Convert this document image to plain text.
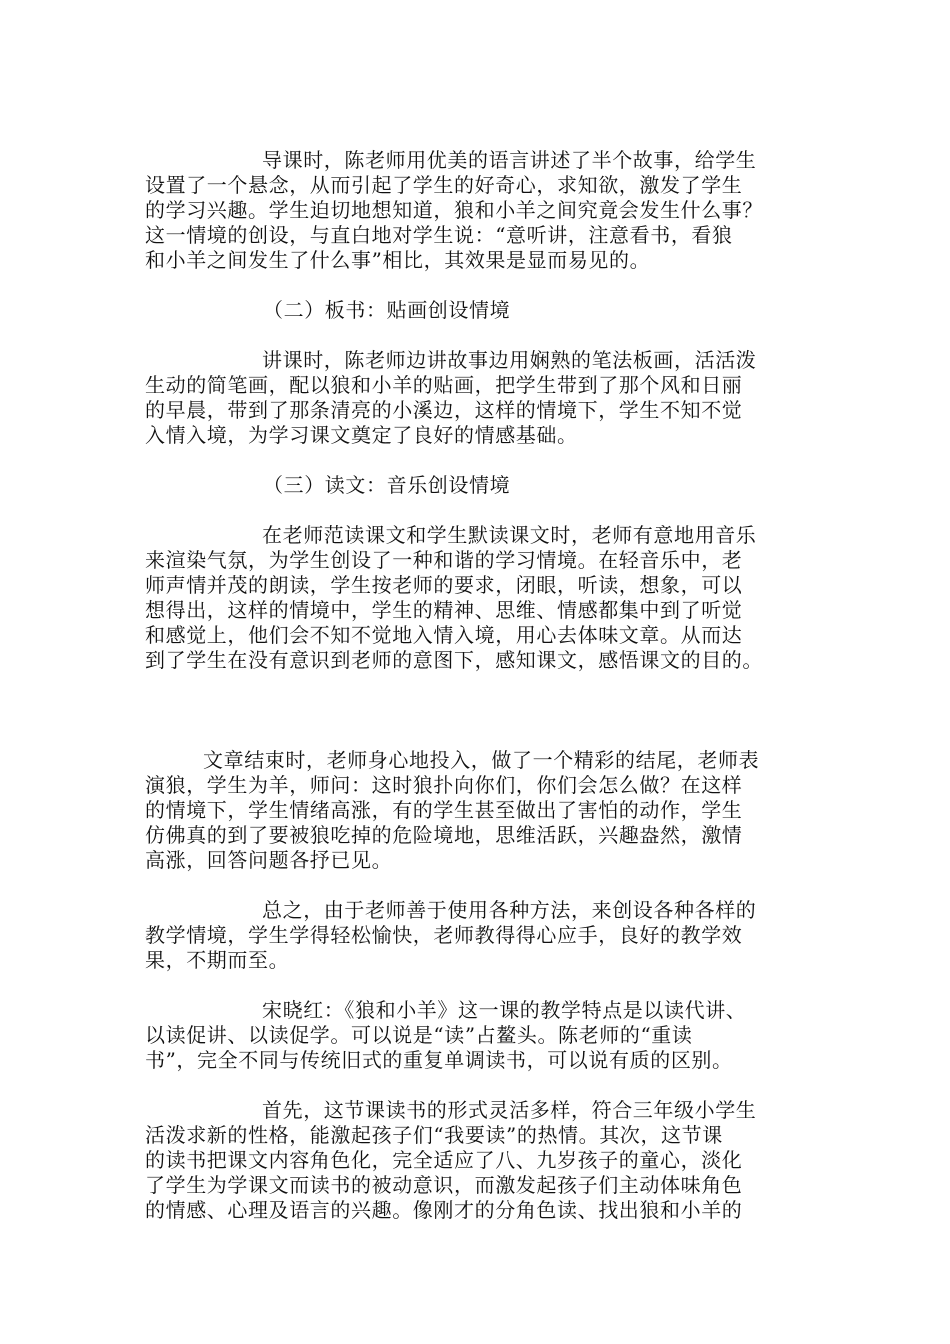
导课时，陈老师用优美的语言讲述了半个故事，给学生
设置了一个悬念，从而引起了学生的好奇心，求知欲，激发了学生
的学习兴趣。学生迫切地想知道，狼和小羊之间究竟会发生什么事？
这一情境的创设，与直白地对学生说：“意听讲，注意看书，看狼
和小羊之间发生了什么事”相比，其效果是显而易见的。
（二）板书：贴画创设情境
讲课时，陈老师边讲故事边用娴熟的笔法板画，活活泼
生动的简笔画，配以狼和小羊的贴画，把学生带到了那个风和日丽
的早晨，带到了那条清亮的小溪边，这样的情境下，学生不知不觉
入情入境，为学习课文奠定了良好的情感基础。
（三）读文：音乐创设情境
在老师范读课文和学生默读课文时，老师有意地用音乐
来渲染气氛，为学生创设了一种和谐的学习情境。在轻音乐中，老
师声情并茂的朗读，学生按老师的要求，闭眼，听读，想象，可以
想得出，这样的情境中，学生的精神、思维、情感都集中到了听觉
和感觉上，他们会不知不觉地入情入境，用心去体味文章。从而达
到了学生在没有意识到老师的意图下，感知课文，感悟课文的目的。
文章结束时，老师身心地投入，做了一个精彩的结尾，老师表
演狼，学生为羊，师问：这时狼扑向你们，你们会怎么做？在这样
的情境下，学生情绪高涨，有的学生甚至做出了害怕的动作，学生
仿佛真的到了要被狼吃掉的危险境地，思维活跃，兴趣盎然，激情
高涨，回答问题各抒已见。
总之，由于老师善于使用各种方法，来创设各种各样的
教学情境，学生学得轻松愉快，老师教得得心应手，良好的教学效
果，不期而至。
宋晓红：《狼和小羊》这一课的教学特点是以读代讲、
以读促讲、以读促学。可以说是“读”占鳌头。陈老师的“重读
书”，完全不同与传统旧式的重复单调读书，可以说有质的区别。
首先，这节课读书的形式灵活多样，符合三年级小学生
活泼求新的性格，能激起孩子们“我要读”的热情。其次，这节课
的读书把课文内容角色化，完全适应了八、九岁孩子的童心，淡化
了学生为学课文而读书的被动意识，而激发起孩子们主动体味角色
的情感、心理及语言的兴趣。像刚才的分角色读、找出狼和小羊的
